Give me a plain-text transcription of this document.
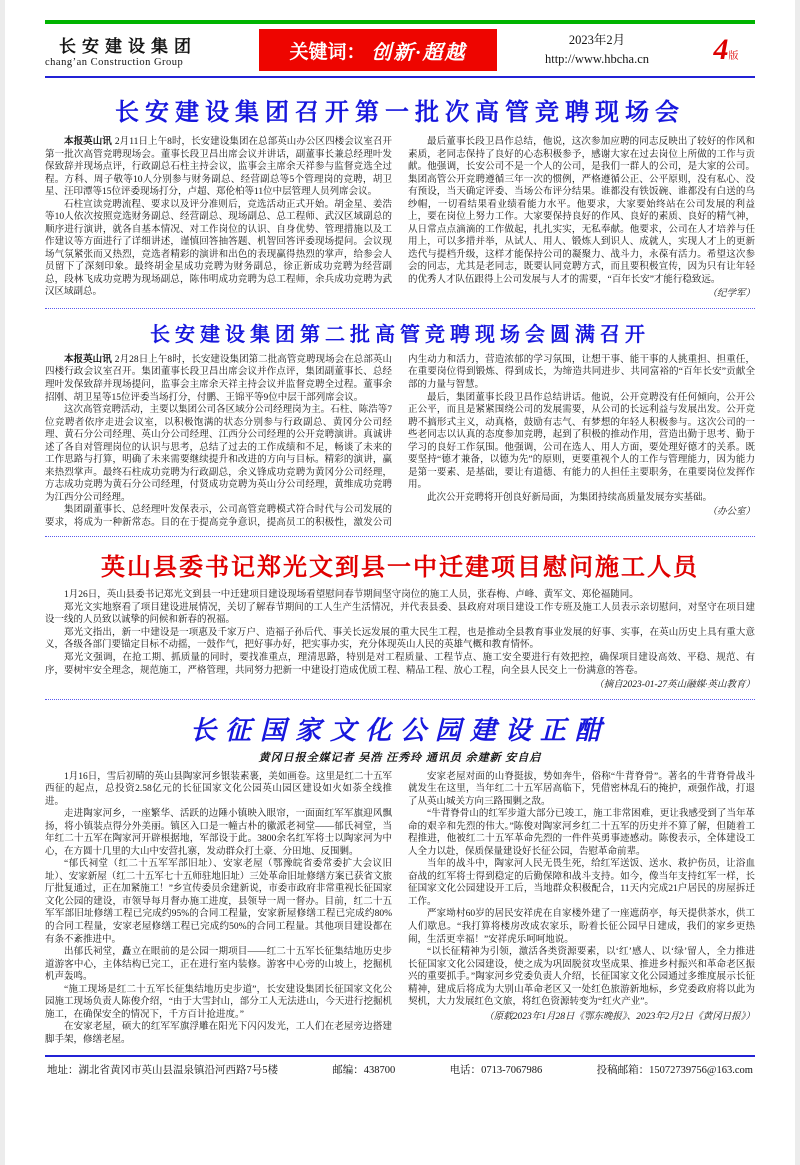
长安建设集团
chang’an Construction Group	关键词： 创新·超越
2023年2月
http://www.hbcha.cn	4版
长安建设集团召开第一批次高管竞聘现场会

本报英山讯 2月11日上午8时，长安建设集团在总部英山办公区四楼会议室召开第一批次高管竞聘现场会。董事长段卫昌出席会议并讲话，副董事长兼总经理叶发保致辞并现场点评，行政副总石柱主持会议，监事会主席余天祥参与监督竞选全过程。方科、周子敬等10人分别参与财务副总、经营副总等5个管理岗的竞聘，胡卫星、汪印潭等15位评委现场打分，卢超、郑伦柏等11位中层管理人员列席会议。

石柱宣读竞聘流程、要求以及评分准则后，竞选活动正式开始。胡金星、姜浩等10人依次按照竞选财务副总、经营副总、现场副总、总工程师、武汉区域副总的顺序进行演讲，就各自基本情况、对工作岗位的认识、自身优势、管理措施以及工作建议等方面进行了详细讲述，谨慎回答抽答题、机智回答评委现场提问。会议现场气氛紧张而又热烈，竞选者精彩的演讲和出色的表现赢得热烈的掌声，给参会人员留下了深刻印象。最终胡金星成功竞聘为财务副总，徐正新成功竞聘为经营副总，段林飞成功竞聘为现场副总，陈伟明成功竞聘为总工程师，余兵成功竞聘为武汉区域副总。

最后董事长段卫昌作总结，他说，这次参加应聘的同志反映出了较好的作风和素质，老同志保持了良好的心态积极参予，感谢大家在过去岗位上所做的工作与贡献。他强调，长安公司不是一个人的公司，是我们一群人的公司，是大家的公司。集团高管公开竞聘遵循三年一次的惯例，严格遵循公正、公平原则，没有私心、没有预设，当天确定评委、当场公布评分结果。谁都没有铁饭碗、谁都没有白送的乌纱帽，一切看结果看业绩看能力水平。他要求，大家要始终站在公司发展的利益上，要在岗位上努力工作。大家要保持良好的作风、良好的素质、良好的精气神，从日常点点滴滴的工作做起，扎扎实实，无私奉献。他要求，公司在人才培养与任用上，可以多措并举，从试人、用人、锻炼人到识人、成就人，实现人才上的更新迭代与提档升级，这样才能保持公司的凝聚力、战斗力，永葆有活力。希望这次参会的同志，尤其是老同志，既要认同竞聘方式，而且要积极宣传，因为只有让年轻的优秀人才队伍跟得上公司发展与人才的需要，“百年长安”才能行稳致远。

（纪学军）

长安建设集团第二批高管竞聘现场会圆满召开

本报英山讯 2月28日上午8时，长安建设集团第二批高管竞聘现场会在总部英山四楼行政会议室召开。集团董事长段卫昌出席会议并作点评，集团副董事长、总经理叶发保致辞并现场提问，监事会主席余天祥主持会议并监督竞聘全过程。董事余招刚、胡卫星等15位评委当场打分，付鹏、王锦平等9位中层干部列席会议。

这次高管竞聘活动，主要以集团公司各区域分公司经理岗为主。石柱、陈浩等7位竞聘者依序走进会议室，以积极饱满的状态分别参与行政副总、黄冈分公司经理、黄石分公司经理、英山分公司经理、江西分公司经理的公开竞聘演讲。真诚讲述了各自对管理岗位的认识与思考，总结了过去的工作成绩和不足，畅谈了未来的工作思路与打算，明确了未来需要继续提升和改进的方向与目标。精彩的演讲，赢来热烈掌声。最终石柱成功竞聘为行政副总，余义锋成功竞聘为黄冈分公司经理，方志成功竞聘为黄石分公司经理，付贤成功竞聘为英山分公司经理，黄维成功竞聘为江西分公司经理。

集团副董事长、总经理叶发保表示，公司高管竞聘模式符合时代与公司发展的要求，将成为一种新常态。目的在于提高竞争意识，提高员工的积极性，激发公司内生动力和活力，营造浓郁的学习氛围，让想干事、能干事的人挑重担、担重任，在重要岗位得到锻炼、得到成长，为缔造共同进步、共同富裕的“百年长安”贡献全部的力量与智慧。

最后，集团董事长段卫昌作总结讲话。他说，公开竞聘没有任何倾向，公开公正公平，而且是紧紧围绕公司的发展需要，从公司的长远利益与发展出发。公开竞聘不搞形式主义，动真格，鼓励有志气、有梦想的年轻人积极参与。这次公司的一些老同志以认真的态度参加竞聘，起到了积极的推动作用，营造出勤于思考、勤于学习的良好工作氛围。他强调，公司在选人、用人方面，要处理好德才的关系。既要坚持“德才兼备，以德为先”的原则，更要重视个人的工作与管理能力，因为能力是第一要素、是基础，要让有道德、有能力的人担任主要职务，在重要岗位发挥作用。

此次公开竞聘将开创良好新局面，为集团持续高质量发展夯实基础。

（办公室）

英山县委书记郑光文到县一中迁建项目慰问施工人员

1月26日，英山县委书记郑光文到县一中迁建项目建设现场看望慰问春节期间坚守岗位的施工人员，张春梅、卢峰、黄军文、郑伦福随同。

郑光文实地察看了项目建设进展情况，关切了解春节期间的工人生产生活情况，并代表县委、县政府对项目建设工作专班及施工人员表示亲切慰问，对坚守在项目建设一线的人员致以诚挚的问候和新春的祝福。

郑光文指出，新一中建设是一项惠及千家万户、造福子孙后代、事关长远发展的重大民生工程，也是推动全县教育事业发展的好事、实事，在英山历史上具有重大意义，各级各部门要锚定目标不动摇，一鼓作气，把好事办好，把实事办实，充分体现英山人民的英雄气概和教育情怀。

郑光文强调，在抢工期、抓质量的同时，要找准重点，理清思路，特别是对工程质量、工程节点、施工安全要进行有效把控，确保项目建设高效、平稳、规范、有序，要树牢安全理念，规范施工，严格管理，共同努力把新一中建设打造成优质工程、精品工程、放心工程，向全县人民交上一份满意的答卷。

（摘自2023-01-27英山融媒·英山教育）

长征国家文化公园建设正酣
黄冈日报全媒记者 吴浩 汪秀玲 通讯员 余建新 安自启

1月16日，雪后初晴的英山县陶家河乡银装素裹，美如画卷。这里是红二十五军西征的起点，总投资2.58亿元的长征国家文化公园英山园区建设如火如荼全线推进。

走进陶家河乡，一座繁华、活跃的边陲小镇映入眼帘，一面面红军军旗迎风飘扬，将小镇装点得分外美丽。镇区入口是一幢古朴的徽派老祠堂——郁氏祠堂，当年红二十五军在陶家河开辟根据地，军部设于此。3800余名红军将士以陶家河为中心，在方圆十几里的大山中安营扎寨，发动群众打土豪、分田地、反围剿。

“郁氏祠堂（红二十五军军部旧址）、安家老屋（鄂豫皖省委常委扩大会议旧址）、安家新屋（红二十五军七十五师驻地旧址）三处革命旧址修缮方案已获省文旅厅批复通过，正在加紧施工！”乡宣传委员余建新说，市委市政府非常重视长征国家文化公园的建设，市领导每月督办施工进度，县领导一周一督办。目前，红二十五军军部旧址修缮工程已完成约95%的合同工程量，安家新屋修缮工程已完成约80%的合同工程量，安家老屋修缮工程已完成约50%的合同工程量。其他项目建设都在有条不紊推进中。

出郁氏祠堂，矗立在眼前的是公园一期项目——红二十五军长征集结地历史步道游客中心，主体结构已完工，正在进行室内装修。游客中心旁的山坡上，挖掘机机声轰鸣。

“施工现场是红二十五军长征集结地历史步道”，长安建设集团长征国家文化公园施工现场负责人陈俊介绍，“由于大雪封山，部分工人无法进山，今天进行挖掘机施工，在确保安全的情况下，千方百计抢进度。”

在安家老屋，硕大的红军军旗浮雕在阳光下闪闪发光，工人们在老屋旁边搭建脚手架，修缮老屋。

安家老屋对面的山脊挺拔，势如奔牛，俗称“牛背脊骨”。著名的牛背脊骨战斗就发生在这里，当年红二十五军居高临下，凭借密林乱石的掩护，顽强作战，打退了从英山城关方向三路围剿之敌。

“牛背脊骨山的红军步道大部分已竣工，施工非常困难，更让我感受到了当年革命的艰辛和先烈的伟大。”陈俊对陶家河乡红二十五军的历史并不算了解，但随着工程推进，他被红二十五军革命先烈的一件件英勇事迹感动。陈俊表示，全体建设工人全力以赴，保质保量建设好长征公园，告慰革命前辈。

当年的战斗中，陶家河人民无畏生死，给红军送饭、送水、救护伤员，让浴血奋战的红军将士得到稳定的后勤保障和战斗支持。如今，像当年支持红军一样，长征国家文化公园建设开工后，当地群众积极配合，11天内完成21户居民的房屋拆迁工作。

严家坳村60岁的居民安祥虎在自家楼外建了一座遮荫亭，每天提供茶水，供工人们歇息。“我打算将楼房改成农家乐，盼着长征公园早日建成，我们的家乡更热闹，生活更幸福！”安祥虎乐呵呵地说。

“以长征精神为引领，激活各类资源要素，以‘红’感人、以‘绿’留人，全力推进长征国家文化公园建设，使之成为巩固脱贫攻坚成果、推进乡村振兴和革命老区振兴的重要抓手。”陶家河乡党委负责人介绍，长征国家文化公园通过多维度展示长征精神，建成后将成为大别山革命老区又一处红色旅游新地标，乡党委政府将以此为契机，大力发展红色文旅，将红色资源转变为“红火产业”。

（原载2023年1月28日《鄂东晚报》、2023年2月2日《黄冈日报》）

地址：湖北省黄冈市英山县温泉镇沿河西路7号5楼	邮编：438700	电话：0713-7067986	投稿邮箱：15072739756@163.com
